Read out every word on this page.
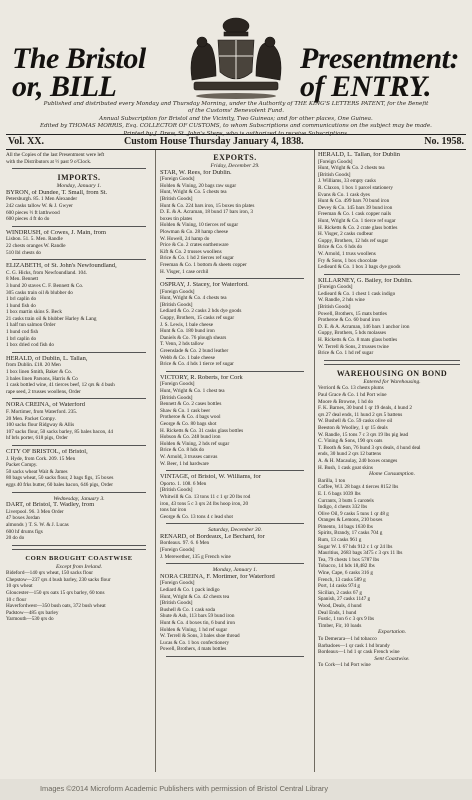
The Bristol
or, BILL
Presentment:
of ENTRY.
Published and distributed every Monday and Thursday Morning, under the Authority of THE KING'S LETTERS PATENT, for the Benefit
of the Customs' Benevolent Fund.
Annual Subscription for Bristol and the Vicinity, Two Guineas; and for other places, One Guinea.
Edited by THOMAS MORRIS, Esq. COLLECTOR OF CUSTOMS, to whom Subscriptions and communications on the subject may be made.
Printed by J. Drew, St. John's Steps, who is authorized to receive Subscriptions.
Vol. XX.	Custom House Thursday January 4, 1838.	No. 1958.
All the Copies of the last Presentment were left
with the Distributors at ½ past 9 o'Clock.
IMPORTS.
Monday, January 1.
BYRON, of Dundee, T. Small, from St.
Petersburgh. 85. 1 Men Alexander
242 casks tallow W. & J. Gwyer
600 pieces ½ ft latthwood
600 pieces 4 ft do do
WINDRUSH, of Cowes, J. Main, from
Lisbon. 51. 5. Men. Randle
22 chests oranges W. Randle
510 lbl chests do
ELIZABETH, of St. John's Newfoundland,
C. G. Hicks, from Newfoundland. 104.
8 Men. Bennett
3 hund 20 staves C. F. Bennett & Co.
305 casks train oil & blubber do
1 brl caplin do
1 hund fish do
1 box martin skins S. Beck
21 casks train oil & blubber Harley & Lang
1 half tun salmon Order
1 hund cod fish
1 brl caplin do
1 box dried cod fish do
HERALD, of Dublin, L. Tallan,
from Dublin. £18. 20 Men
1 box linen Smith, Baker & Co.
3 bales linen Parsons, Harris & Co
1 cask bottled wine, 41 tierces beef, 12 qrs & 4 bush
rape seed, 2 trusses woollens, Order
NORA CREINA, of Waterford
F. Mortimer, from Waterford. 235.
20 Men. Packet Compy.
100 sacks flour Ridgway & Allis
107 sacks flour, 50 sacks barley, 85 bales bacon, 44
hf brls porter, 618 pigs, Order
CITY OF BRISTOL, of Bristol,
J. Hyde, from Cork. 209. 15 Men
Packet Compy.
50 sacks wheat Wait & James
80 bags wheat, 50 sacks flour, 2 bags figs, 15 boxes
eggs 40 frks butter, 60 bales bacon, 646 pigs, Order
Wednesday, January 3.
DART, of Bristol, T. Wadley, from
Liverpool. 96. 3 Men Order
47 boxes Jordan
almonds } T. S. W. & J. Lucas
600 hf drums figs
20 do do
CORN BROUGHT COASTWISE
Except from Ireland.
Bideford—140 qrs wheat, 150 sacks flour
Chepstow—237 qrs 4 bush barley, 230 sacks flour
10 qrs wheat
Gloucester—150 qrs oats 15 qrs barley, 60 tons
10 c flour
Haverfordwest—350 bush oats, 372 bush wheat
Padstow—485 qrs barley
Yarmouth—530 qrs do
EXPORTS.
Friday, December 29.
STAR, W. Rees, for Dublin.
[Foreign Goods]
Holden & Vining, 20 bags raw sugar
Hunt, Wright & Co. 5 chests tea
[British Goods]
Hunt & Co. 224 bars iron, 15 boxes tin plates
D. E. & A. Acraman, 18 bund 17 bars iron, 3
boxes tin plates
Holden & Vining, 10 tierces ref sugar
Plowman & Co. 28 hamp cheese
W. Howell, 24 hamp do
Price & Co. 2 crates earthenware
Kift & Co. 2 trusses woollens
Brice & Co. 1 hd 2 tierces ref sugar
Freeman & Co. 1 bottom & sheets copper
H. Visger, 1 case orchil
OSPRAY, J. Stacey, for Waterford.
[Foreign Goods]
Hunt, Wright & Co. 4 chests tea
[British Goods]
Lediard & Co. 2 casks 2 hds dye goods
Guppy, Brothers, 15 casks ref sugar
J. S. Lewis, 1 bale cheese
Hunt & Co. 180 bund iron
Daniels & Co. 76 plough shears
T. Venn, 2 hds tallow
Greenslade & Co. 2 bund leather
Webb & Co. 1 bale cheese
Brice & Co. 4 hds 1 tierce ref sugar
VICTORY, R. Roberts, for Cork
[Foreign Goods]
Hunt, Wright & Co. 1 chest tea
[British Goods]
Bennett & Co. 2 cases bottles
Shaw & Co. 1 cask beer
Protheroe & Co. 4 bags wool
George & Co. 80 bags shot
H. Ricketts & Co. 31 casks glass bottles
Hobson & Co. 248 bund iron
Holden & Vining, 2 hds ref sugar
Brice & Co. 8 hds do
W. Arnold, 3 trusses canvas
W. Beer, 1 hd hardware
VINTAGE, of Bristol, W. Williams, for
Oporto. 1. 108. 6 Men
[British Goods]
Whitwill & Co. 13 tons 11 c 1 qr 20 lbs rod
iron, 43 tons 5 c 3 qrs 24 lbs hoop iron, 20
tons bar iron
George & Co. 13 tons 4 c lead shot
Saturday, December 30.
RENARD, of Bordeaux, Le Bechard, for
Bordeaux. 97. 6. 6 Men
[Foreign Goods]
J. Merewether, 135 g French wine
Monday, January 1.
NORA CREINA, F. Mortimer, for Waterford
[Foreign Goods]
Lediard & Co. 1 pack indigo
Hunt, Wright & Co. 42 chests tea
[British Goods]
Bushell & Co. 1 cask soda
Shute & Ash, 113 bars 59 bund iron
Hunt & Co. 4 boxes tin, 6 bund iron
Holden & Vining, 1 hd ref sugar
W. Terrell & Sons, 3 bales shoe thread
Lucas & Co. 1 box confectionery
Powell, Brothers, 4 mats bottles
HERALD, L. Tallan, for Dublin
[Foreign Goods]
Hunt, Wright & Co. 2 chests tea
[British Goods]
J. Williams, 33 empty casks
R. Claxon, 1 box 1 parcel stationery
Evans & Co. 1 cask dyes
Hunt & Co. 499 bars 70 bund iron
Devey & Co. 145 bars 39 bund iron
Freeman & Co. 1 cask copper nails
Hunt, Wright & Co. 1 tierce ref sugar
H. Ricketts & Co. 2 crate glass bottles
H. Visger, 2 casks cudbear
Guppy, Brothers, 12 hds ref sugar
Brice & Co. 6 hds do
W. Arnold, 1 truss woollens
Fry & Sons, 1 box chocolate
Ledieard & Co. 1 box 3 bags dye goods
KILLARNEY, G. Bailey, for Dublin.
[Foreign Goods]
Ledieard & Co. 1 chest 1 cask indigo
W. Randle, 2 hds wine
[British Goods]
Powell, Brothers, 15 mats bottles
Protheroe & Co. 60 bund iron
D. E. & A. Acraman, 146 bars 1 anchor iron
Guppy, Brothers, 5 hds molasses
H. Ricketts & Co. 8 mats glass bottles
W. Terrell & Sons, 2 trusses twine
Brice & Co. 1 hd ref sugar
WAREHOUSING ON BOND
Entered for Warehousing.
Verriord & Co. 13 chests plums
Paul Grace & Co. 1 hd Port wine
Moore & Browne, 1 hd do
F. K. Barnes, 30 bund 1 qr 19 deals, 4 hund 2
qrs 27 deal ends, 11 hund 2 qrs 5 battens
W. Bushell & Co. 59 casks olive oil
Beeston & Woolley, 1 qr 15 deals
W. Randle, 15 tons 7 c 3 qrs 19 lbs pig lead
C. Vining & Sons, 190 qrs oats
T. Booth & Son, 76 hund 3 qrs deals, 4 hund deal
ends, 30 hund 2 qrs 12 battens
A. & H. Macaulay, 240 boxes oranges
H. Bush, 1 cask goat skins
Home Consumption.
Barilla, 1 ton
Coffee, W.I. 28 bags 4 tierces 8152 lbs
E. I. 6 bags 1039 lbs
Currants, 3 butts 5 carotels
Indigo, 4 chests 332 lbs
Olive Oil, 9 casks 5 tuns 1 qr 48 g
Oranges & Lemons, 210 boxes
Pimento, 14 bags 1630 lbs
Spirits, Brandy, 17 casks 704 g
Rum, 13 casks 961 g
Sugar W. I. 67 hds 912 c 1 qr 24 lbs
Mauritius, 2683 bags 3475 c 3 qrs 11 lbs
Tea, 79 chests 1 box 5787 lbs
Tobacco, 14 hds 18,482 lbs
Wine, Cape, 6 casks 316 g
French, 13 casks 589 g
Port, 14 casks 974 g
Sicilian, 2 casks 67 g
Spanish, 27 casks 1147 g
Wood, Deals, 4 hund
Deal Ends, 1 hund
Fustic, 1 ton 6 c 3 qrs 9 lbs
Timber, Fir, 10 loads
Exportation.
To Demerara—1 hd tobacco
Barbadoes—1 qr cask 1 hd brandy
Bordeaux—1 hd 1 qr cask French wine
Sent Coastwise.
To Cork—1 hd Port wine
Images ©2014 Microform Academic Publishers with permission of Bristol Central Library
